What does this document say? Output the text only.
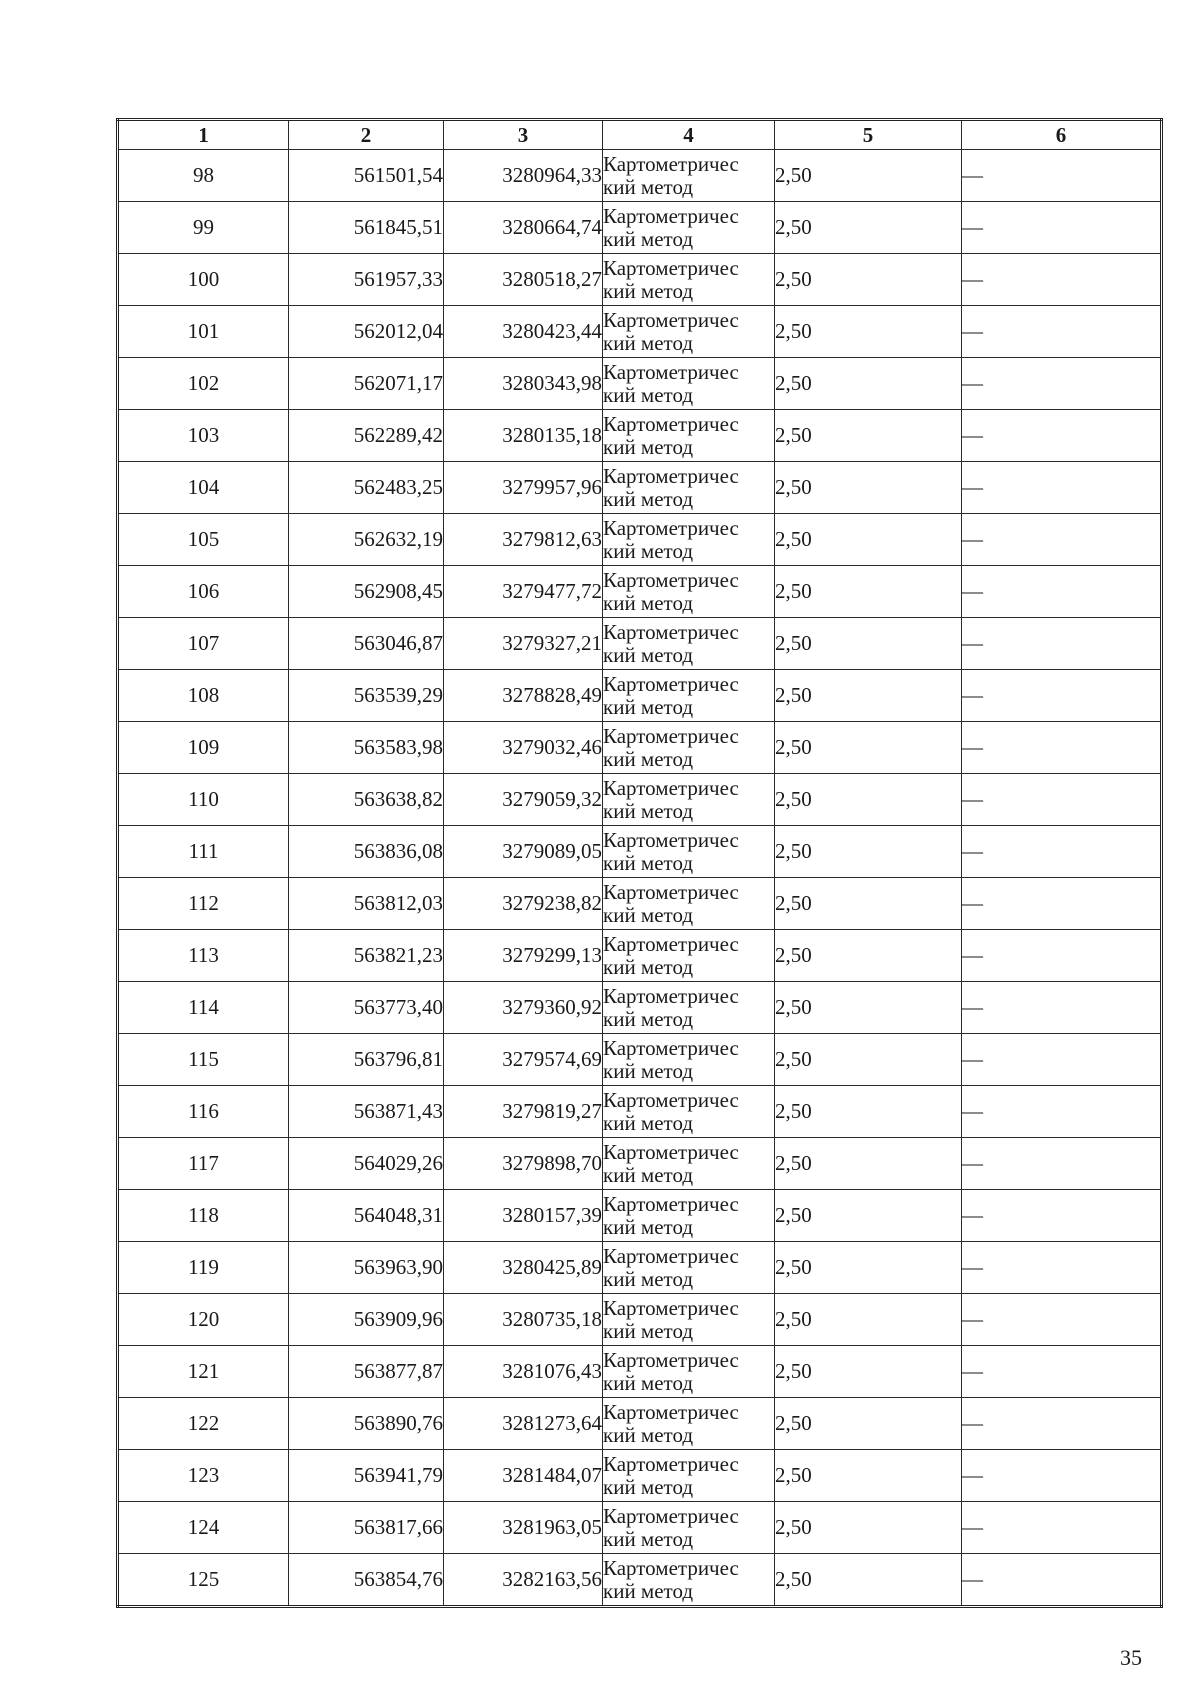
1	2	3	4	5	6
98	561501,54	3280964,33	Картометричес
кий метод	2,50	—
99	561845,51	3280664,74	Картометричес
кий метод	2,50	—
100	561957,33	3280518,27	Картометричес
кий метод	2,50	—
101	562012,04	3280423,44	Картометричес
кий метод	2,50	—
102	562071,17	3280343,98	Картометричес
кий метод	2,50	—
103	562289,42	3280135,18	Картометричес
кий метод	2,50	—
104	562483,25	3279957,96	Картометричес
кий метод	2,50	—
105	562632,19	3279812,63	Картометричес
кий метод	2,50	—
106	562908,45	3279477,72	Картометричес
кий метод	2,50	—
107	563046,87	3279327,21	Картометричес
кий метод	2,50	—
108	563539,29	3278828,49	Картометричес
кий метод	2,50	—
109	563583,98	3279032,46	Картометричес
кий метод	2,50	—
110	563638,82	3279059,32	Картометричес
кий метод	2,50	—
111	563836,08	3279089,05	Картометричес
кий метод	2,50	—
112	563812,03	3279238,82	Картометричес
кий метод	2,50	—
113	563821,23	3279299,13	Картометричес
кий метод	2,50	—
114	563773,40	3279360,92	Картометричес
кий метод	2,50	—
115	563796,81	3279574,69	Картометричес
кий метод	2,50	—
116	563871,43	3279819,27	Картометричес
кий метод	2,50	—
117	564029,26	3279898,70	Картометричес
кий метод	2,50	—
118	564048,31	3280157,39	Картометричес
кий метод	2,50	—
119	563963,90	3280425,89	Картометричес
кий метод	2,50	—
120	563909,96	3280735,18	Картометричес
кий метод	2,50	—
121	563877,87	3281076,43	Картометричес
кий метод	2,50	—
122	563890,76	3281273,64	Картометричес
кий метод	2,50	—
123	563941,79	3281484,07	Картометричес
кий метод	2,50	—
124	563817,66	3281963,05	Картометричес
кий метод	2,50	—
125	563854,76	3282163,56	Картометричес
кий метод	2,50	—
35
